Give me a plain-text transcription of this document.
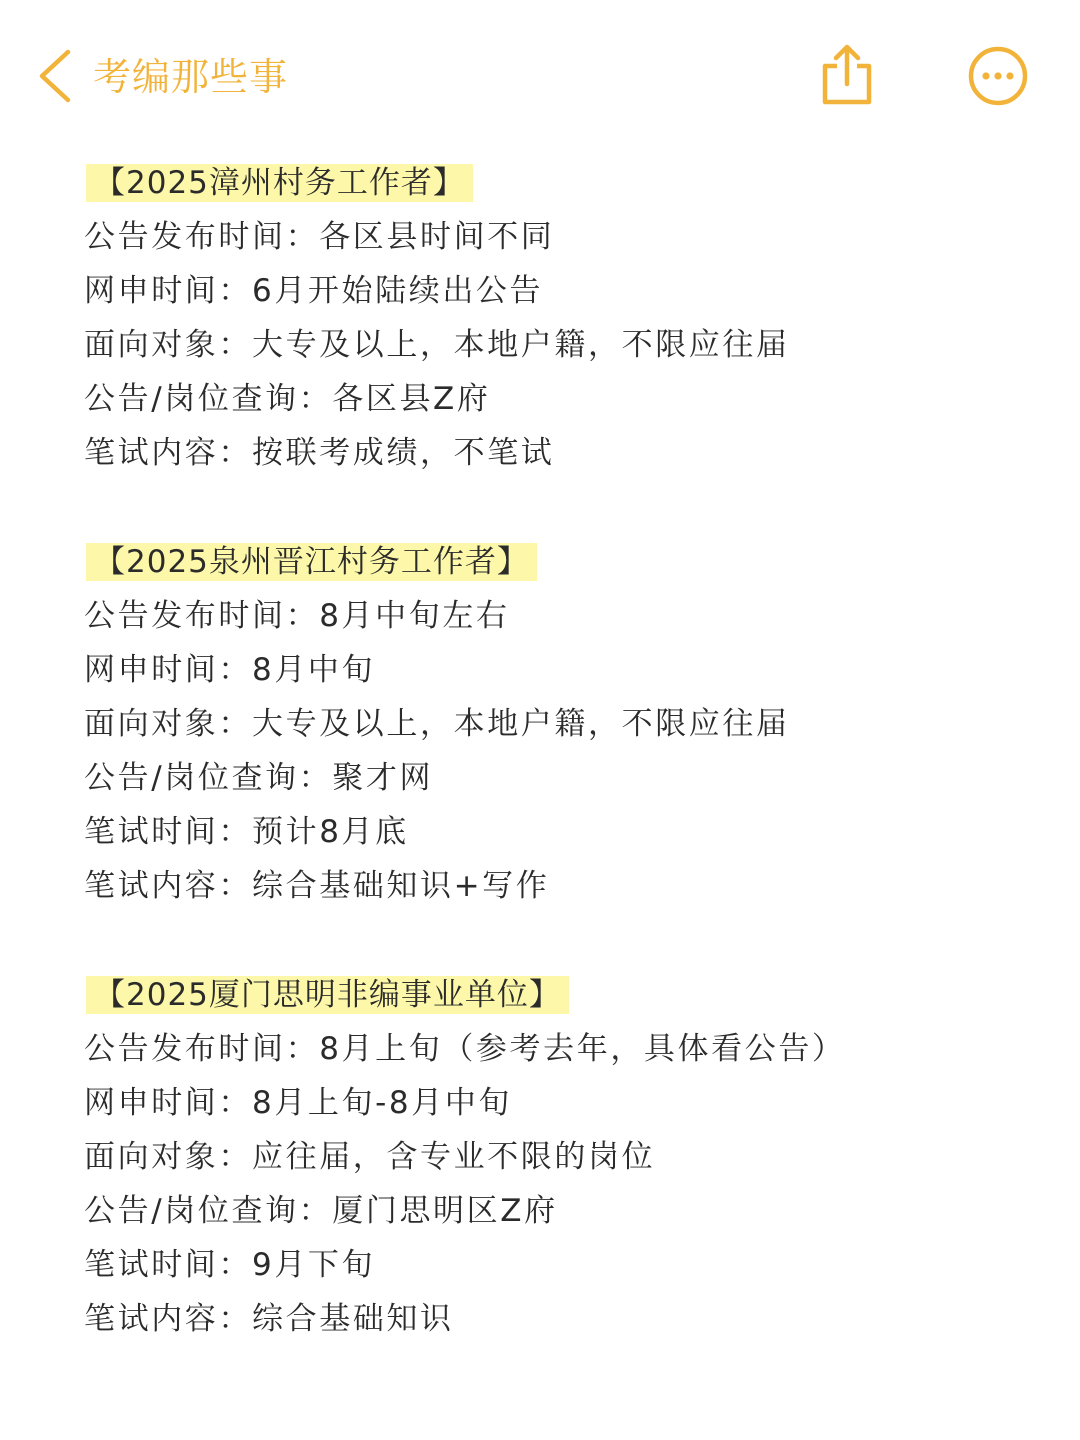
考编那些事
【2025漳州村务工作者】
公告发布时间：各区县时间不同
网申时间：6月开始陆续出公告
面向对象：大专及以上，本地户籍，不限应往届
公告/岗位查询：各区县Z府
笔试内容：按联考成绩，不笔试
【2025泉州晋江村务工作者】
公告发布时间：8月中旬左右
网申时间：8月中旬
面向对象：大专及以上，本地户籍，不限应往届
公告/岗位查询：聚才网
笔试时间：预计8月底
笔试内容：综合基础知识+写作
【2025厦门思明非编事业单位】
公告发布时间：8月上旬（参考去年，具体看公告）
网申时间：8月上旬-8月中旬
面向对象：应往届，含专业不限的岗位
公告/岗位查询：厦门思明区Z府
笔试时间：9月下旬
笔试内容：综合基础知识
